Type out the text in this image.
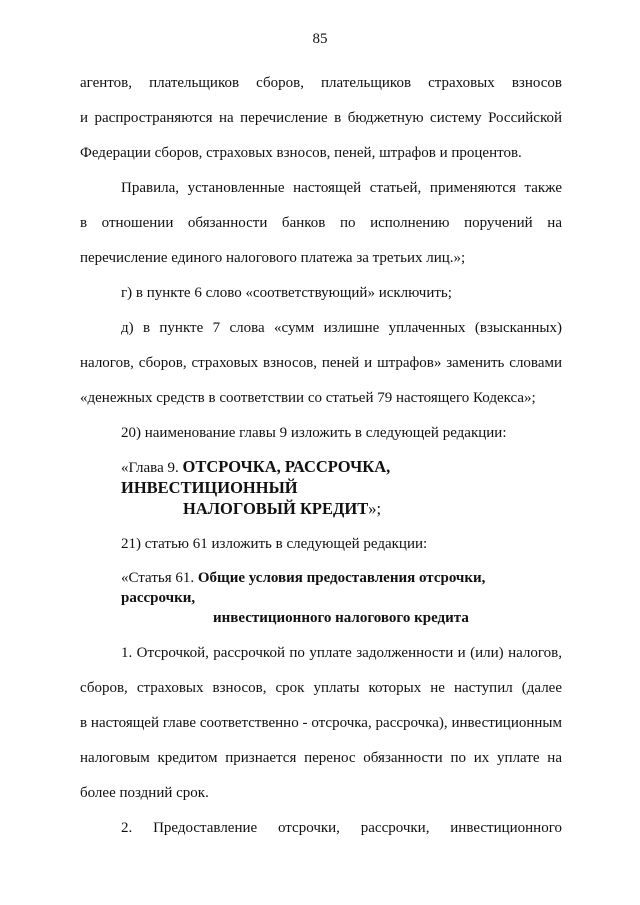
85

агентов, плательщиков сборов, плательщиков страховых взносов

и распространяются на перечисление в бюджетную систему Российской

Федерации сборов, страховых взносов, пеней, штрафов и процентов.

Правила, установленные настоящей статьей, применяются также

в отношении обязанности банков по исполнению поручений на

перечисление единого налогового платежа за третьих лиц.»;

г) в пункте 6 слово «соответствующий» исключить;

д) в пункте 7 слова «сумм излишне уплаченных (взысканных)

налогов, сборов, страховых взносов, пеней и штрафов» заменить словами

«денежных средств в соответствии со статьей 79 настоящего Кодекса»;

20) наименование главы 9 изложить в следующей редакции:

«Глава 9. ОТСРОЧКА, РАССРОЧКА, ИНВЕСТИЦИОННЫЙ
НАЛОГОВЫЙ КРЕДИТ»;

21) статью 61 изложить в следующей редакции:

«Статья 61. Общие условия предоставления отсрочки, рассрочки,
инвестиционного налогового кредита

1. Отсрочкой, рассрочкой по уплате задолженности и (или) налогов,

сборов, страховых взносов, срок уплаты которых не наступил (далее

в настоящей главе соответственно - отсрочка, рассрочка), инвестиционным

налоговым кредитом признается перенос обязанности по их уплате на

более поздний срок.

2. Предоставление отсрочки, рассрочки, инвестиционного
